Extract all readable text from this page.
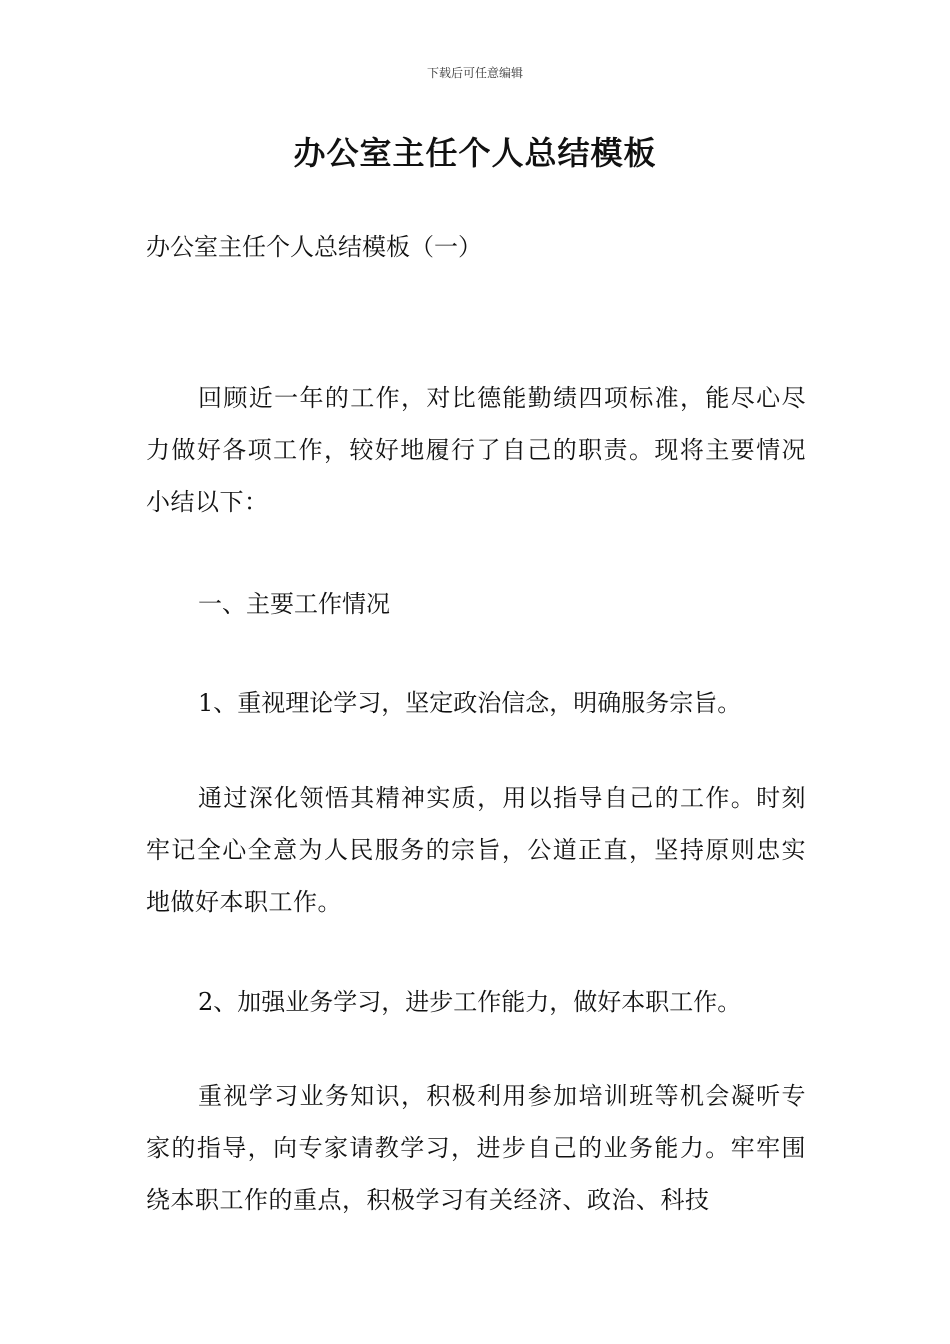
下载后可任意编辑
办公室主任个人总结模板
办公室主任个人总结模板（一）
回顾近一年的工作，对比德能勤绩四项标准，能尽心尽力做好各项工作，较好地履行了自己的职责。现将主要情况小结以下：
一、主要工作情况
1、重视理论学习，坚定政治信念，明确服务宗旨。
通过深化领悟其精神实质，用以指导自己的工作。时刻牢记全心全意为人民服务的宗旨，公道正直，坚持原则忠实地做好本职工作。
2、加强业务学习，进步工作能力，做好本职工作。
重视学习业务知识，积极利用参加培训班等机会凝听专家的指导，向专家请教学习，进步自己的业务能力。牢牢围绕本职工作的重点，积极学习有关经济、政治、科技
